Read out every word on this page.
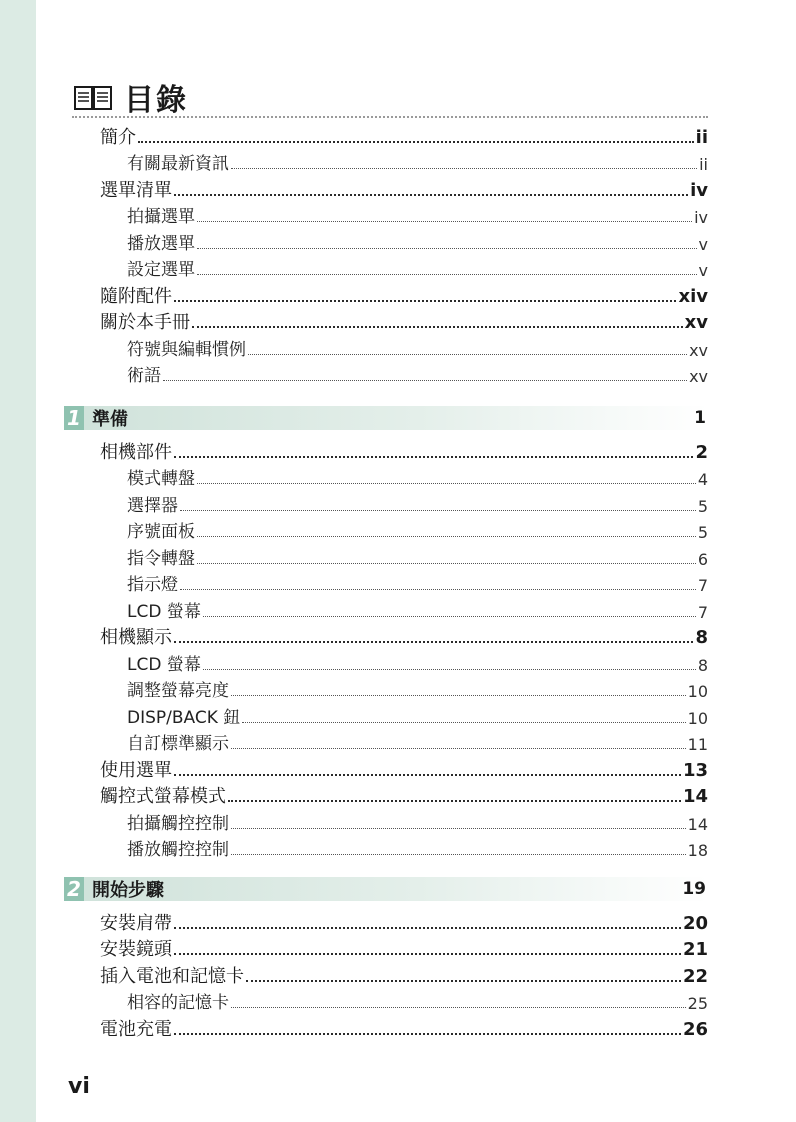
目錄
簡介	ii
有關最新資訊	ii
選單清單	iv
拍攝選單	iv
播放選單	v
設定選單	v
隨附配件	xiv
關於本手冊	xv
符號與編輯慣例	xv
術語	xv
1 準備	1
相機部件	2
模式轉盤	4
選擇器	5
序號面板	5
指令轉盤	6
指示燈	7
LCD 螢幕	7
相機顯示	8
LCD 螢幕	8
調整螢幕亮度	10
DISP/BACK 鈕	10
自訂標準顯示	11
使用選單	13
觸控式螢幕模式	14
拍攝觸控控制	14
播放觸控控制	18
2 開始步驟	19
安裝肩帶	20
安裝鏡頭	21
插入電池和記憶卡	22
相容的記憶卡	25
電池充電	26
vi
